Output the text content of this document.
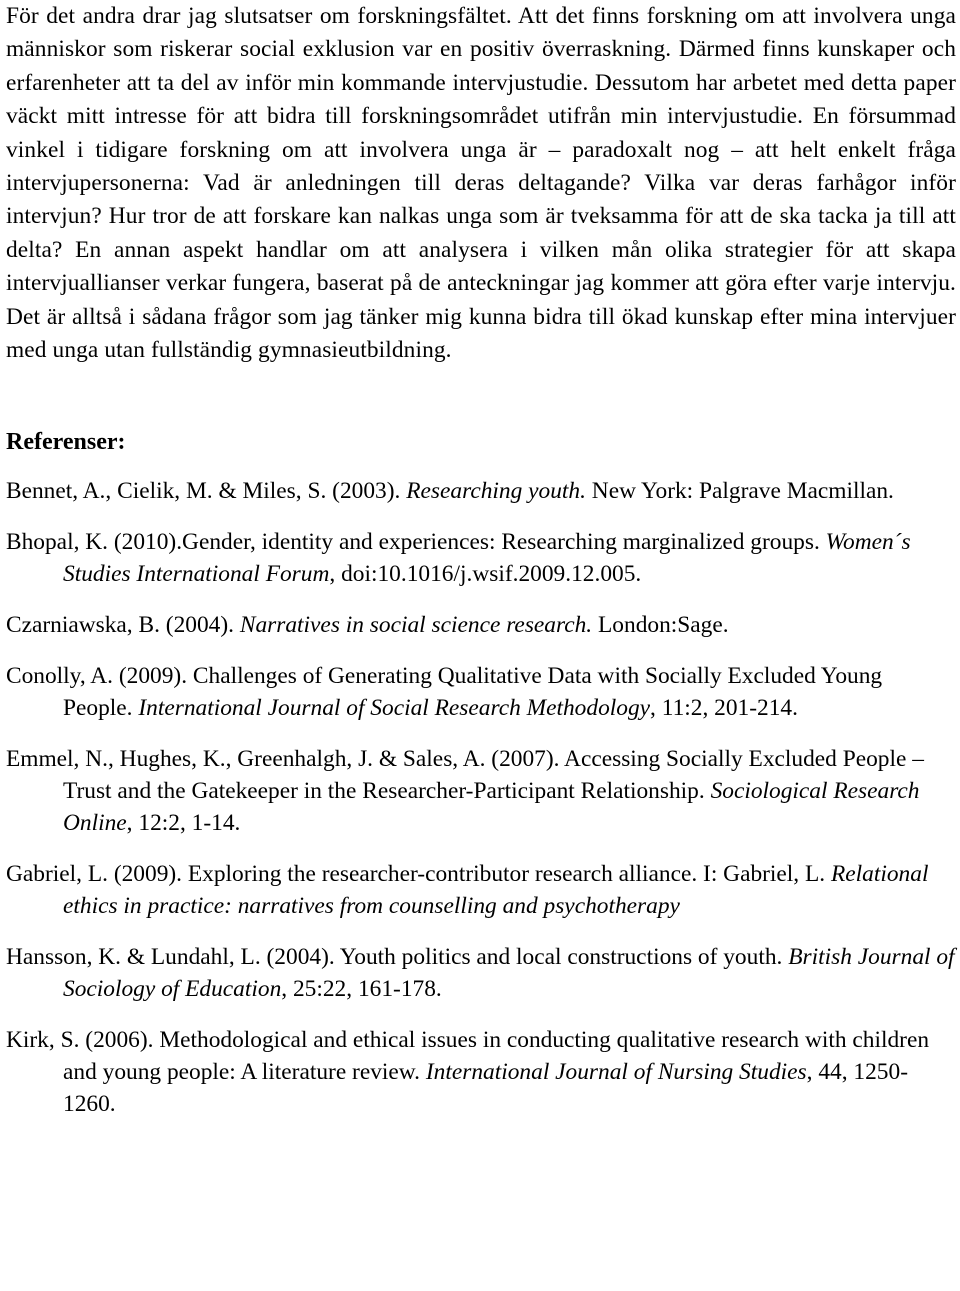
För det andra drar jag slutsatser om forskningsfältet. Att det finns forskning om att involvera unga människor som riskerar social exklusion var en positiv överraskning. Därmed finns kunskaper och erfarenheter att ta del av inför min kommande intervjustudie. Dessutom har arbetet med detta paper väckt mitt intresse för att bidra till forskningsområdet utifrån min intervjustudie. En försummad vinkel i tidigare forskning om att involvera unga är – paradoxalt nog – att helt enkelt fråga intervjupersonerna: Vad är anledningen till deras deltagande? Vilka var deras farhågor inför intervjun? Hur tror de att forskare kan nalkas unga som är tveksamma för att de ska tacka ja till att delta? En annan aspekt handlar om att analysera i vilken mån olika strategier för att skapa intervjuallianser verkar fungera, baserat på de anteckningar jag kommer att göra efter varje intervju. Det är alltså i sådana frågor som jag tänker mig kunna bidra till ökad kunskap efter mina intervjuer med unga utan fullständig gymnasieutbildning.

Referenser:
Bennet, A., Cielik, M. & Miles, S. (2003). Researching youth. New York: Palgrave Macmillan.
Bhopal, K. (2010).Gender, identity and experiences: Researching marginalized groups. Women´s Studies International Forum, doi:10.1016/j.wsif.2009.12.005.
Czarniawska, B. (2004). Narratives in social science research. London:Sage.
Conolly, A. (2009). Challenges of Generating Qualitative Data with Socially Excluded Young People. International Journal of Social Research Methodology, 11:2, 201-214.
Emmel, N., Hughes, K., Greenhalgh, J. & Sales, A. (2007). Accessing Socially Excluded People – Trust and the Gatekeeper in the Researcher-Participant Relationship. Sociological Research Online, 12:2, 1-14.
Gabriel, L. (2009). Exploring the researcher-contributor research alliance. I: Gabriel, L. Relational ethics in practice: narratives from counselling and psychotherapy
Hansson, K. & Lundahl, L. (2004). Youth politics and local constructions of youth. British Journal of Sociology of Education, 25:22, 161-178.
Kirk, S. (2006). Methodological and ethical issues in conducting qualitative research with children and young people: A literature review. International Journal of Nursing Studies, 44, 1250-1260.
